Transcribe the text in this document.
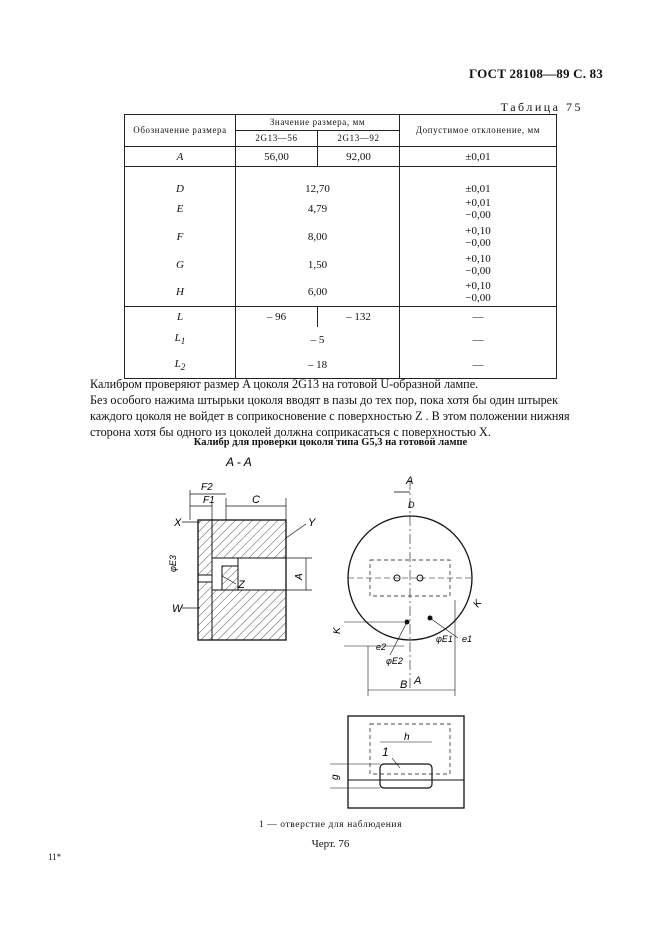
ГОСТ 28108—89 С. 83
Таблица 75
Обозначение размера	Значение размера, мм		Допустимое отклонение, мм
	2G13—56	2G13—92	
A	56,00	92,00	±0,01
D	12,70		±0,01
E	4,79		+0,01
−0,00

F	8,00		+0,10
−0,00

G	1,50		+0,10
−0,00

H	6,00		+0,10
−0,00

L	– 96	– 132	—
$L_1$	– 5		—
$L_2$	– 18		—
Калибром проверяют размер A цоколя 2G13 на готовой U-образной лампе.
Без особого нажима штырьки цоколя вводят в пазы до тех пор, пока хотя бы один штырек каждого цоколя не войдет в соприкосновение с поверхностью Z . В этом положении нижняя сторона хотя бы одного из цоколей должна соприкасаться с поверхностью X.
Калибр для проверки цоколя типа G5,3 на готовой лампе
A - A
F2
F1	C
X	Y
Z
W
φE3
A
A
D
K
K
e2
φE2
φE1 e1
B A
h
1
g
1 — отверстие для наблюдения
Черт. 76
11*
